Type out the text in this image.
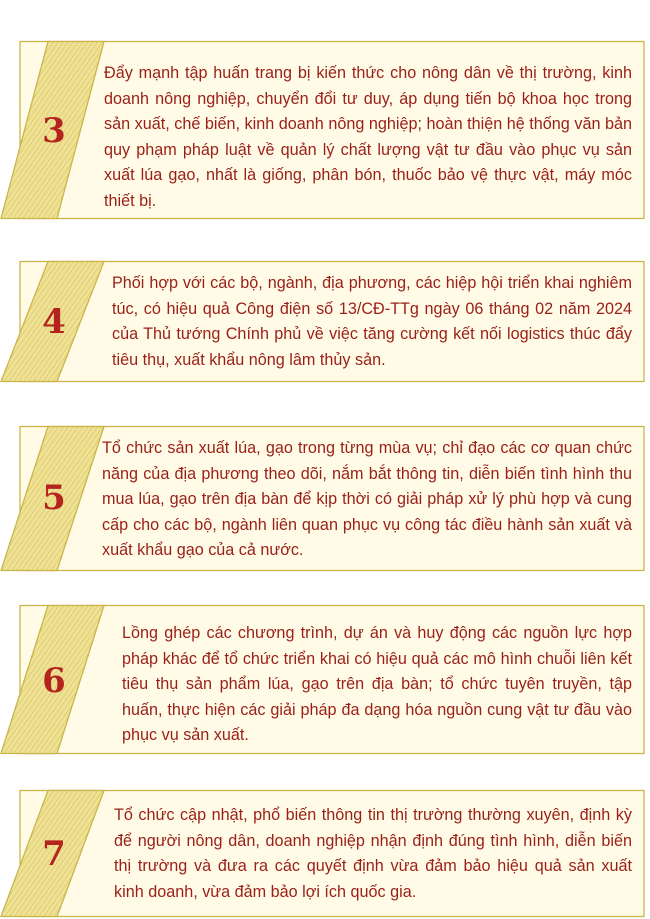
3
Đẩy mạnh tập huấn trang bị kiến thức cho nông dân về thị trường, kinh doanh nông nghiệp, chuyển đổi tư duy, áp dụng tiến bộ khoa học trong sản xuất, chế biến, kinh doanh nông nghiệp; hoàn thiện hệ thống văn bản quy phạm pháp luật về quản lý chất lượng vật tư đầu vào phục vụ sản xuất lúa gạo, nhất là giống, phân bón, thuốc bảo vệ thực vật, máy móc thiết bị.
4
Phối hợp với các bộ, ngành, địa phương, các hiệp hội triển khai nghiêm túc, có hiệu quả Công điện số 13/CĐ-TTg ngày 06 tháng 02 năm 2024 của Thủ tướng Chính phủ về việc tăng cường kết nối logistics thúc đẩy tiêu thụ, xuất khẩu nông lâm thủy sản.
5
Tổ chức sản xuất lúa, gạo trong từng mùa vụ; chỉ đạo các cơ quan chức năng của địa phương theo dõi, nắm bắt thông tin, diễn biến tình hình thu mua lúa, gạo trên địa bàn để kịp thời có giải pháp xử lý phù hợp và cung cấp cho các bộ, ngành liên quan phục vụ công tác điều hành sản xuất và xuất khẩu gạo của cả nước.
6
Lồng ghép các chương trình, dự án và huy động các nguồn lực hợp pháp khác để tổ chức triển khai có hiệu quả các mô hình chuỗi liên kết tiêu thụ sản phẩm lúa, gạo trên địa bàn; tổ chức tuyên truyền, tập huấn, thực hiện các giải pháp đa dạng hóa nguồn cung vật tư đầu vào phục vụ sản xuất.
7
Tổ chức cập nhật, phổ biến thông tin thị trường thường xuyên, định kỳ để người nông dân, doanh nghiệp nhận định đúng tình hình, diễn biến thị trường và đưa ra các quyết định vừa đảm bảo hiệu quả sản xuất kinh doanh, vừa đảm bảo lợi ích quốc gia.
